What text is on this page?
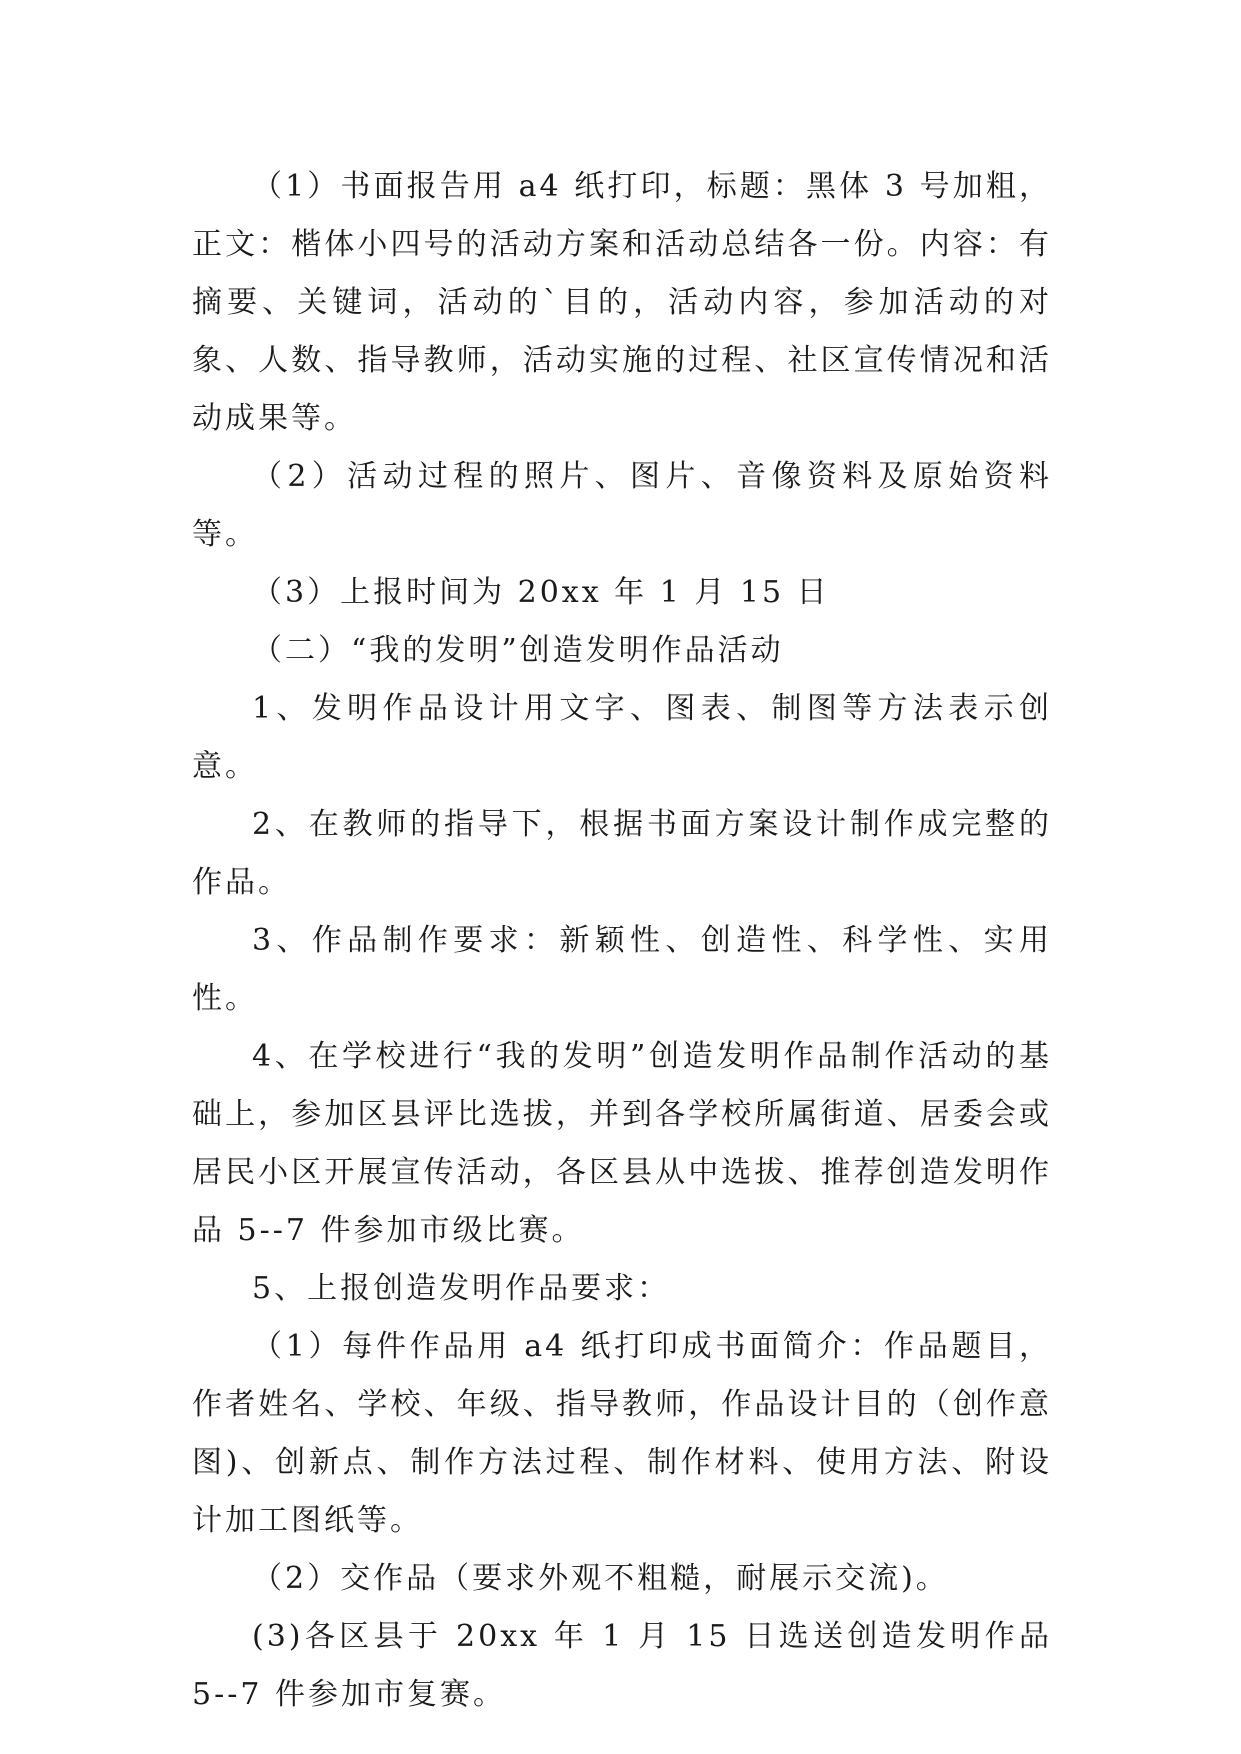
（1）书面报告用 a4 纸打印，标题：黑体 3 号加粗，正文：楷体小四号的活动方案和活动总结各一份。内容：有摘要、关键词，活动的`目的，活动内容，参加活动的对象、人数、指导教师，活动实施的过程、社区宣传情况和活动成果等。

（2）活动过程的照片、图片、音像资料及原始资料等。

（3）上报时间为 20xx 年 1 月 15 日

（二）“我的发明”创造发明作品活动

1、发明作品设计用文字、图表、制图等方法表示创意。

2、在教师的指导下，根据书面方案设计制作成完整的作品。

3、作品制作要求：新颖性、创造性、科学性、实用性。

4、在学校进行“我的发明”创造发明作品制作活动的基础上，参加区县评比选拔，并到各学校所属街道、居委会或居民小区开展宣传活动，各区县从中选拔、推荐创造发明作品 5--7 件参加市级比赛。

5、上报创造发明作品要求：

（1）每件作品用 a4 纸打印成书面简介：作品题目，作者姓名、学校、年级、指导教师，作品设计目的（创作意图)、创新点、制作方法过程、制作材料、使用方法、附设计加工图纸等。

（2）交作品（要求外观不粗糙，耐展示交流)。

(3)各区县于 20xx 年 1 月 15 日选送创造发明作品 5--7 件参加市复赛。
